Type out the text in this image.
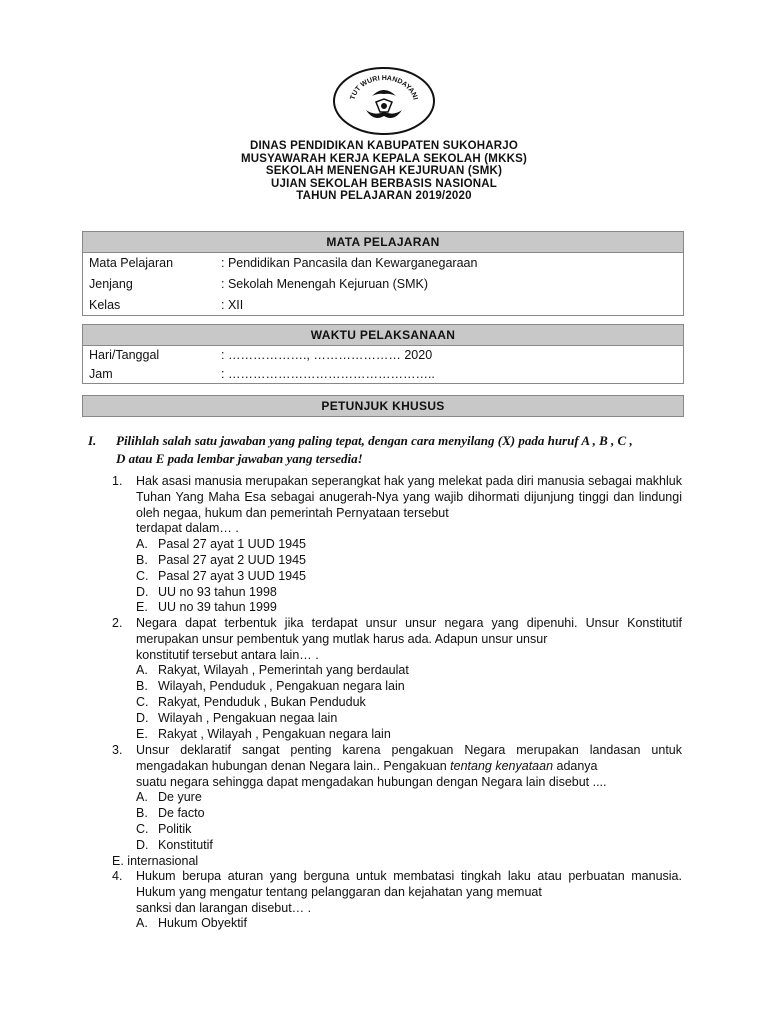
TUT WURI HANDAYANI
DINAS PENDIDIKAN KABUPATEN SUKOHARJO
MUSYAWARAH KERJA KEPALA SEKOLAH (MKKS)
SEKOLAH MENENGAH KEJURUAN (SMK)
UJIAN SEKOLAH BERBASIS NASIONAL
TAHUN PELAJARAN 2019/2020
MATA PELAJARAN
Mata Pelajaran	: Pendidikan Pancasila dan Kewarganegaraan
Jenjang	: Sekolah Menengah Kejuruan (SMK)
Kelas	: XII
WAKTU PELAKSANAAN
Hari/Tanggal	: ………………., ………………… 2020
Jam	: …………………………………………..
PETUNJUK KHUSUS
I. Pilihlah salah satu jawaban yang paling tepat, dengan cara menyilang (X) pada huruf A , B , C ,
D atau E pada lembar jawaban yang tersedia!
1. Hak asasi manusia merupakan seperangkat hak yang melekat pada diri manusia sebagai makhluk Tuhan Yang Maha Esa sebagai anugerah-Nya yang wajib dihormati dijunjung tinggi dan lindungi oleh negaa, hukum dan pemerintah Pernyataan tersebut
terdapat dalam… .
A. Pasal 27 ayat 1 UUD 1945
B. Pasal 27 ayat 2 UUD 1945
C. Pasal 27 ayat 3 UUD 1945
D. UU no 93 tahun 1998
E. UU no 39 tahun 1999
2. Negara dapat terbentuk jika terdapat unsur unsur negara yang dipenuhi. Unsur Konstitutif merupakan unsur pembentuk yang mutlak harus ada. Adapun unsur unsur
konstitutif tersebut antara lain… .
A. Rakyat, Wilayah , Pemerintah yang berdaulat
B. Wilayah, Penduduk , Pengakuan negara lain
C. Rakyat, Penduduk , Bukan Penduduk
D. Wilayah , Pengakuan negaa lain
E. Rakyat , Wilayah , Pengakuan negara lain
3. Unsur deklaratif sangat penting karena pengakuan Negara merupakan landasan untuk mengadakan hubungan denan Negara lain.. Pengakuan tentang kenyataan adanya
suatu negara sehingga dapat mengadakan hubungan dengan Negara lain disebut ....
A. De yure
B. De facto
C. Politik
D. Konstitutif
E. internasional
4. Hukum berupa aturan yang berguna untuk membatasi tingkah laku atau perbuatan manusia. Hukum yang mengatur tentang pelanggaran dan kejahatan yang memuat
sanksi dan larangan disebut… .
A. Hukum Obyektif
